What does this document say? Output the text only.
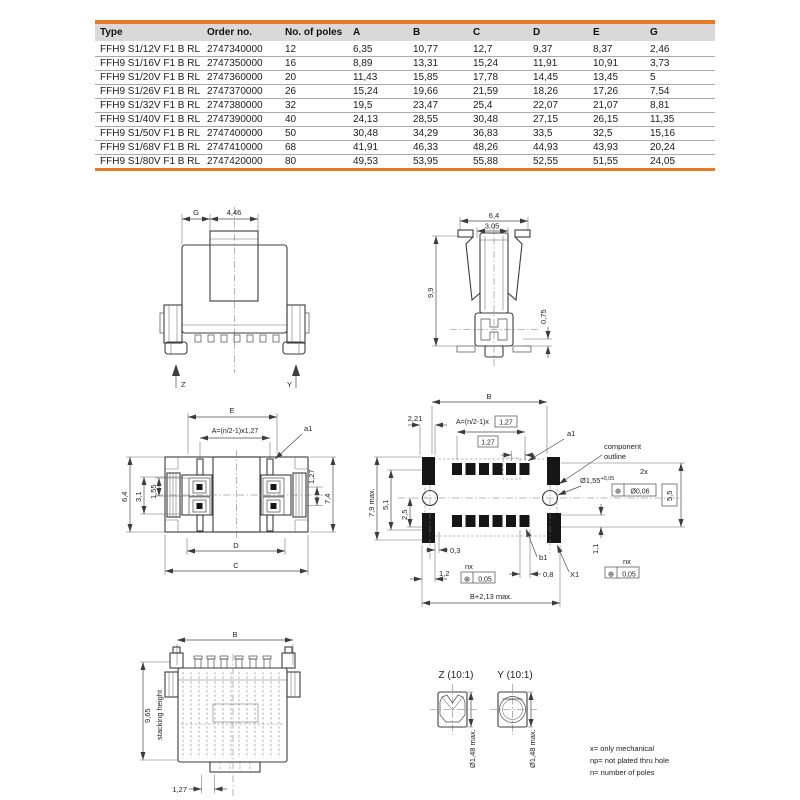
Type	Order no.	No. of poles	A	B	C	D	E	G
FFH9 S1/12V F1 B RL	2747340000	12	6,35	10,77	12,7	9,37	8,37	2,46
FFH9 S1/16V F1 B RL	2747350000	16	8,89	13,31	15,24	11,91	10,91	3,73
FFH9 S1/20V F1 B RL	2747360000	20	11,43	15,85	17,78	14,45	13,45	5
FFH9 S1/26V F1 B RL	2747370000	26	15,24	19,66	21,59	18,26	17,26	7,54
FFH9 S1/32V F1 B RL	2747380000	32	19,5	23,47	25,4	22,07	21,07	8,81
FFH9 S1/40V F1 B RL	2747390000	40	24,13	28,55	30,48	27,15	26,15	11,35
FFH9 S1/50V F1 B RL	2747400000	50	30,48	34,29	36,83	33,5	32,5	15,16
FFH9 S1/68V F1 B RL	2747410000	68	41,91	46,33	48,26	44,93	43,93	20,24
FFH9 S1/80V F1 B RL	2747420000	80	49,53	53,95	55,88	52,55	51,55	24,05
G	4,46
Z	Y
6,4
3,05
9,9
0,75
E
A=(n/2-1)x1,27	a1
6,4 3,1 1,55
1,27
7,4
D
C
B
2,21	A=(n/2-1)x 1,27
1,27
a1
component
outline
$Ø1,55^{+0,05}$
2x
⊕ Ø0,06 5,5
7,9 max. 5,1
2,5
0,3
1,2
nx
⊕ 0,05
0,8
b1
X1
1,1
nx
⊕ 0,05
B+2,13 max.
B
9,65 stacking height
1,27
Z (10:1) Y (10:1)
Ø1,48 max.	Ø1,48 max.	x= only mechanical
np= not plated thru hole
n= number of poles
